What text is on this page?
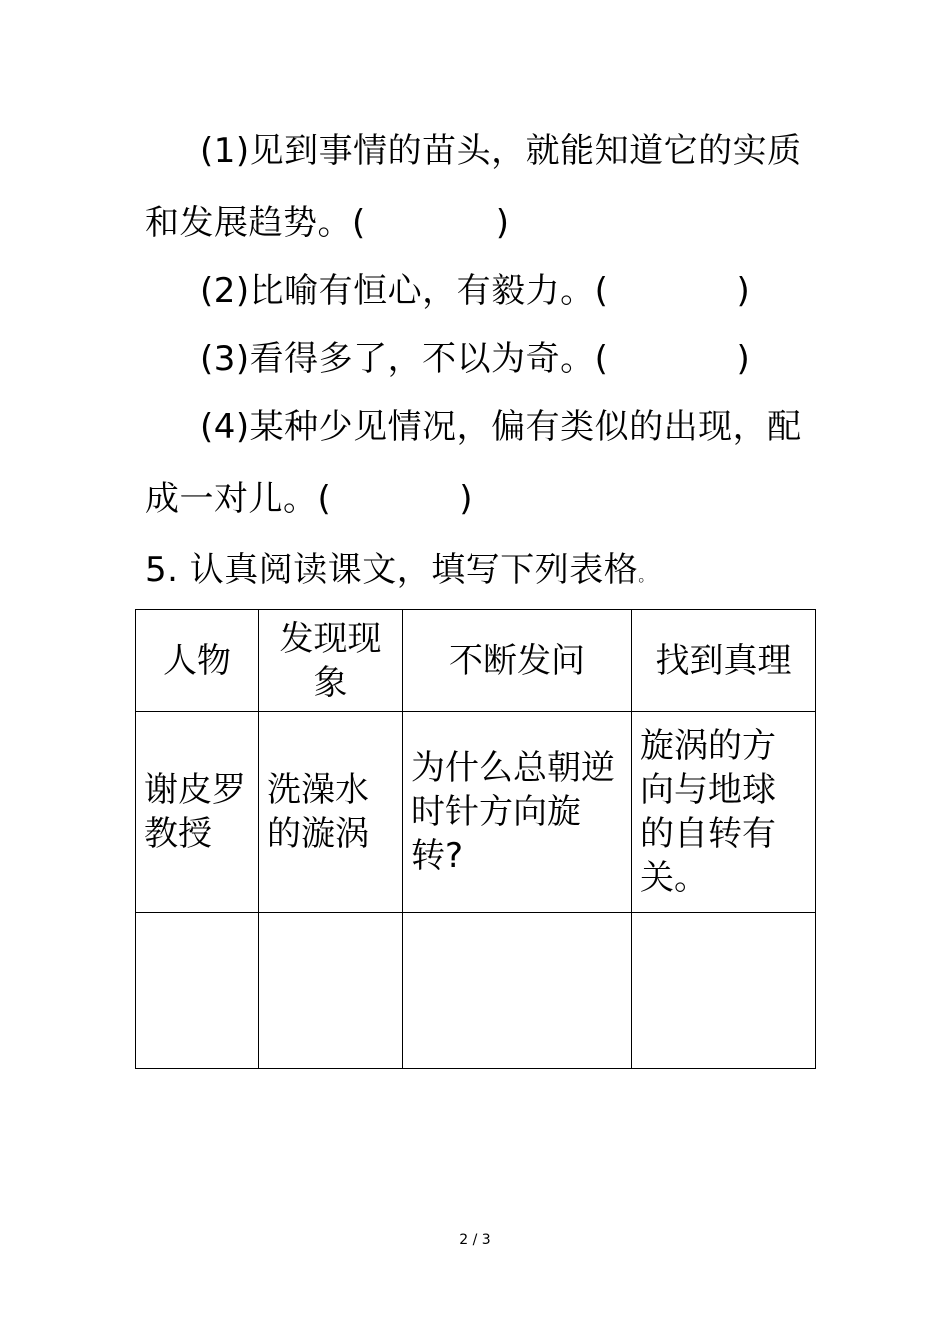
(1)见到事情的苗头，就能知道它的实质
和发展趋势。(	)
(2)比喻有恒心，有毅力。(	)
(3)看得多了，不以为奇。(	)
(4)某种少见情况，偏有类似的出现，配
成一对儿。(	)
5. 认真阅读课文，填写下列表格。
人物	发现现象	不断发问	找到真理
谢皮罗教授	洗澡水的漩涡	为什么总朝逆时针方向旋转?	旋涡的方向与地球的自转有关。

2 / 3
